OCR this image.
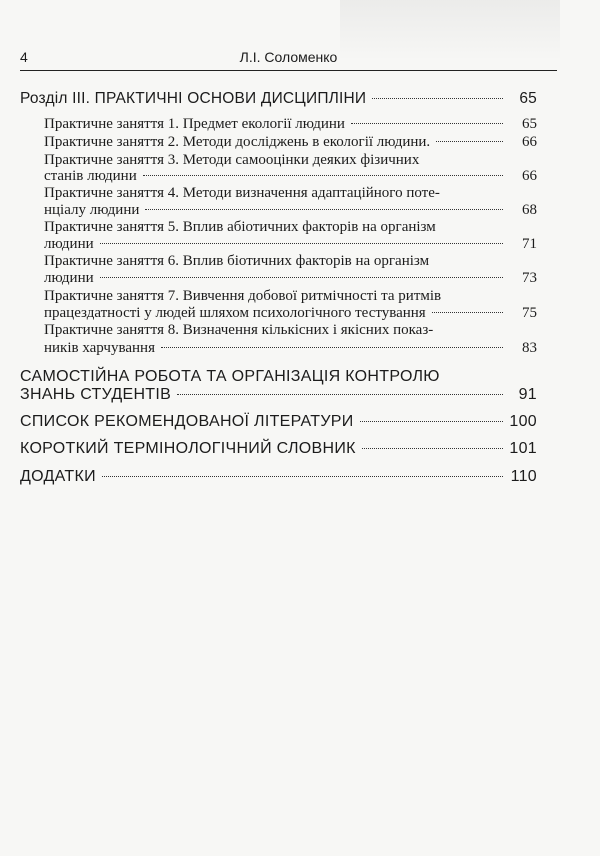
4	Л.І. Соломенко
Розділ ІІІ. ПРАКТИЧНІ ОСНОВИ ДИСЦИПЛІНИ	65
Практичне заняття 1. Предмет екології людини	65
Практичне заняття 2. Методи досліджень в екології людини.	66
Практичне заняття 3. Методи самооцінки деяких фізичних
станів людини	66
Практичне заняття 4. Методи визначення адаптаційного поте-
нціалу людини	68
Практичне заняття 5. Вплив абіотичних факторів на організм
людини	71
Практичне заняття 6. Вплив біотичних факторів на організм
людини	73
Практичне заняття 7. Вивчення добової ритмічності та ритмів
працездатності у людей шляхом психологічного тестування	75
Практичне заняття 8. Визначення кількісних і якісних показ-
ників харчування	83
САМОСТІЙНА РОБОТА ТА ОРГАНІЗАЦІЯ КОНТРОЛЮ
ЗНАНЬ СТУДЕНТІВ	91
СПИСОК РЕКОМЕНДОВАНОЇ ЛІТЕРАТУРИ	100
КОРОТКИЙ ТЕРМІНОЛОГІЧНИЙ СЛОВНИК	101
ДОДАТКИ	110
